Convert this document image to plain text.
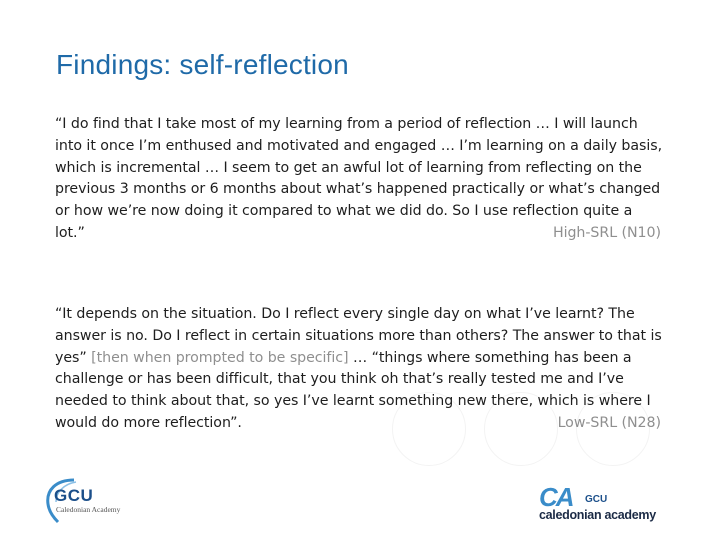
Findings: self-reflection
“I do find that I take most of my learning from a period of reflection … I will launch into it once I’m enthused and motivated and engaged … I’m learning on a daily basis, which is incremental … I seem to get an awful lot of learning from reflecting on the previous 3 months or 6 months about what’s happened practically or what’s changed or how we’re now doing it compared to what we did do. So I use reflection quite a lot.”	High-SRL (N10)
“It depends on the situation. Do I reflect every single day on what I’ve learnt? The answer is no. Do I reflect in certain situations more than others? The answer to that is yes” [then when prompted to be specific] … “things where something has been a challenge or has been difficult, that you think oh that’s really tested me and I’ve needed to think about that, so yes I’ve learnt something new there, which is where I would do more reflection”.	Low-SRL (N28)
GCU
Caledonian Academy	CA GCU
caledonian academy
